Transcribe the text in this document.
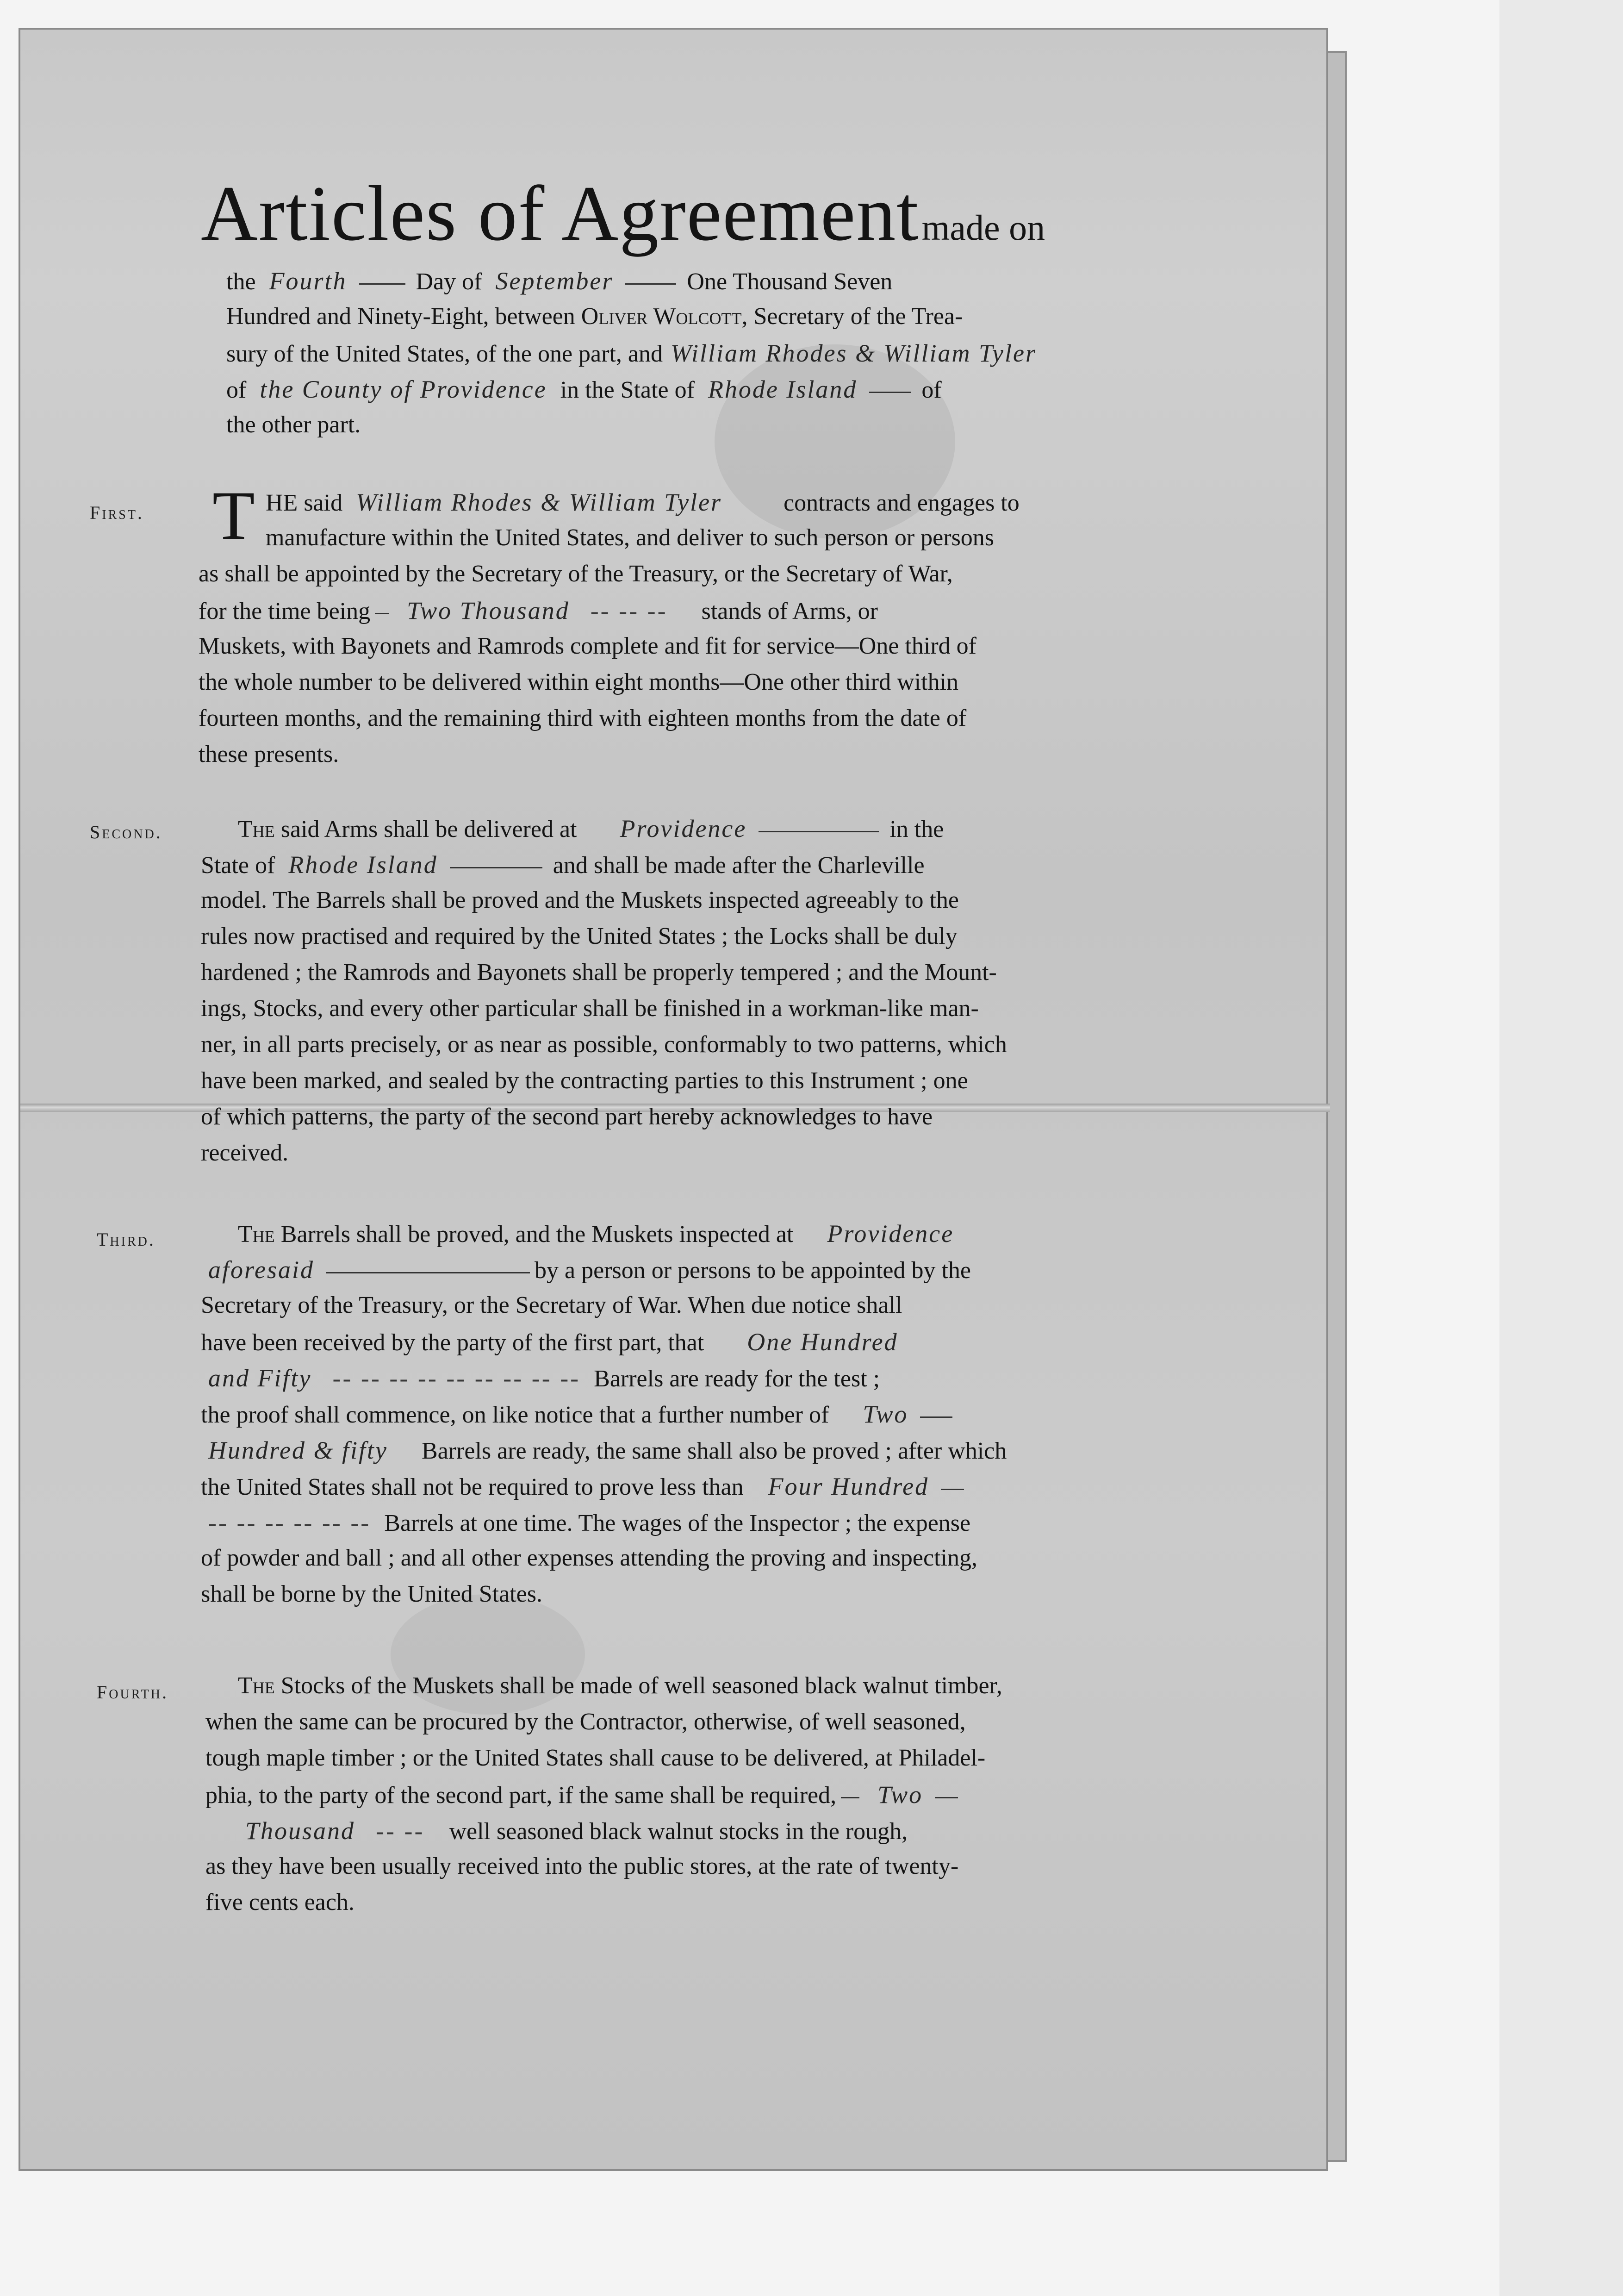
Articles of Agreement made on
the Fourth	Day of September	One Thousand Seven
Hundred and Ninety-Eight, between Oliver Wolcott, Secretary of the Trea-
sury of the United States, of the one part, and William Rhodes & William Tyler
of the County of Providence in the State of Rhode Island	of
the other part.
First. T HE said William Rhodes & William Tyler	contracts and engages to
manufacture within the United States, and deliver to such person or persons
as shall be appointed by the Secretary of the Treasury, or the Secretary of War,
for the time being Two Thousand -- -- -- stands of Arms, or
Muskets, with Bayonets and Ramrods complete and fit for service—One third of
the whole number to be delivered within eight months—One other third within
fourteen months, and the remaining third with eighteen months from the date of
these presents.
Second.	The said Arms shall be delivered at Providence	in the
State of Rhode Island	and shall be made after the Charleville
model. The Barrels shall be proved and the Muskets inspected agreeably to the
rules now practised and required by the United States ; the Locks shall be duly
hardened ; the Ramrods and Bayonets shall be properly tempered ; and the Mount-
ings, Stocks, and every other particular shall be finished in a workman-like man-
ner, in all parts precisely, or as near as possible, conformably to two patterns, which
have been marked, and sealed by the contracting parties to this Instrument ; one
of which patterns, the party of the second part hereby acknowledges to have
received.
Third.	The Barrels shall be proved, and the Muskets inspected at Providence
aforesaid	by a person or persons to be appointed by the
Secretary of the Treasury, or the Secretary of War. When due notice shall
have been received by the party of the first part, that One Hundred
and Fifty -- -- -- -- -- -- -- -- -- Barrels are ready for the test ;
the proof shall commence, on like notice that a further number of Two
Hundred & fifty Barrels are ready, the same shall also be proved ; after which
the United States shall not be required to prove less than Four Hundred
-- -- -- -- -- -- Barrels at one time. The wages of the Inspector ; the expense
of powder and ball ; and all other expenses attending the proving and inspecting,
shall be borne by the United States.
Fourth.	The Stocks of the Muskets shall be made of well seasoned black walnut timber,
when the same can be procured by the Contractor, otherwise, of well seasoned,
tough maple timber ; or the United States shall cause to be delivered, at Philadel-
phia, to the party of the second part, if the same shall be required, Two
Thousand -- -- well seasoned black walnut stocks in the rough,
as they have been usually received into the public stores, at the rate of twenty-
five cents each.
